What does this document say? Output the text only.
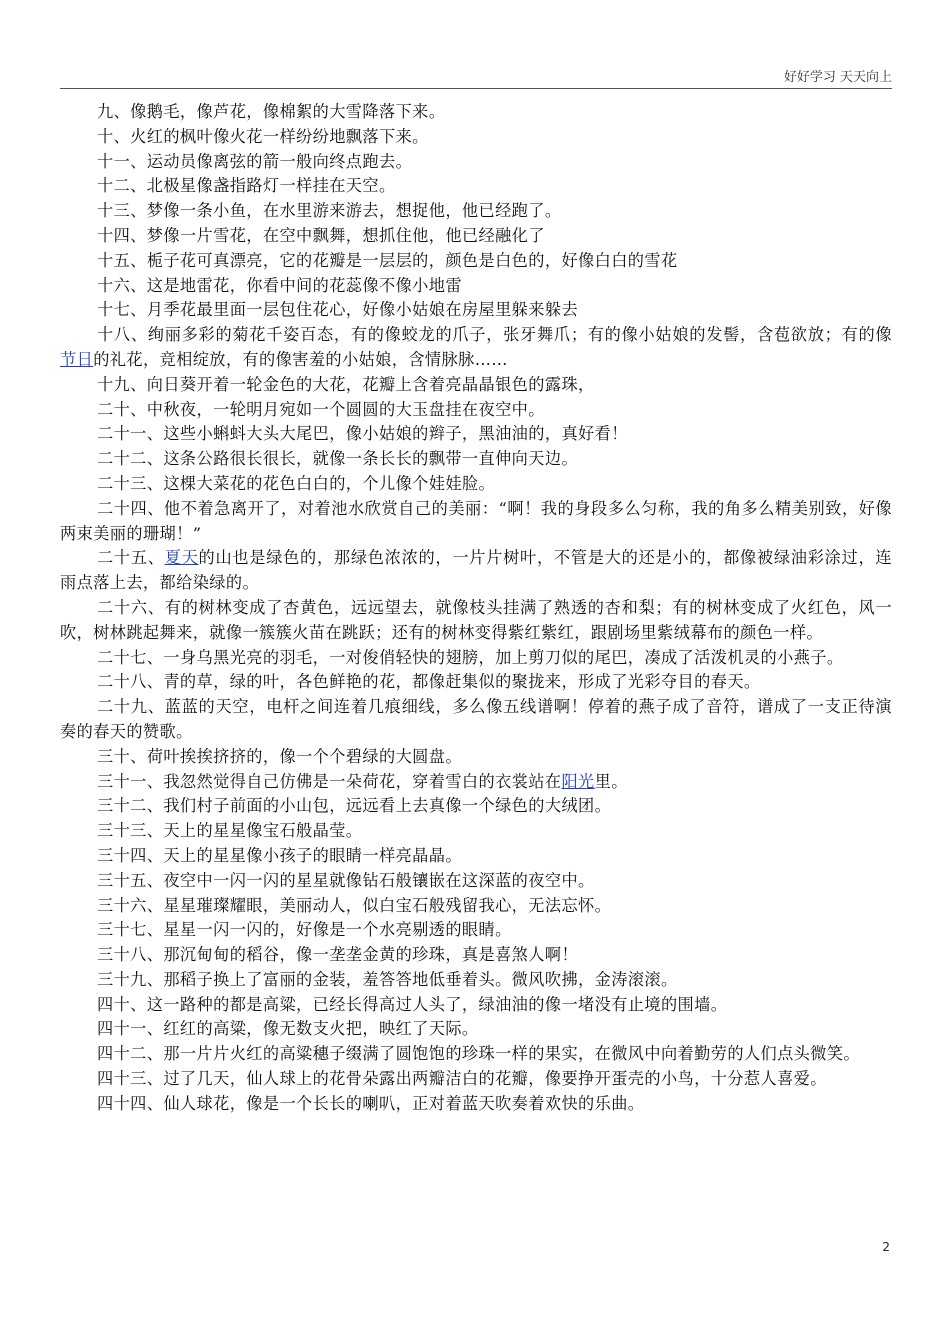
好好学习 天天向上

九、像鹅毛，像芦花，像棉絮的大雪降落下来。

十、火红的枫叶像火花一样纷纷地飘落下来。

十一、运动员像离弦的箭一般向终点跑去。

十二、北极星像盏指路灯一样挂在天空。

十三、梦像一条小鱼，在水里游来游去，想捉他，他已经跑了。

十四、梦像一片雪花，在空中飘舞，想抓住他，他已经融化了

十五、栀子花可真漂亮，它的花瓣是一层层的，颜色是白色的，好像白白的雪花

十六、这是地雷花，你看中间的花蕊像不像小地雷

十七、月季花最里面一层包住花心，好像小姑娘在房屋里躲来躲去

十八、绚丽多彩的菊花千姿百态，有的像蛟龙的爪子，张牙舞爪；有的像小姑娘的发髻，含苞欲放；有的像节日的礼花，竞相绽放，有的像害羞的小姑娘，含情脉脉……

十九、向日葵开着一轮金色的大花，花瓣上含着亮晶晶银色的露珠，

二十、中秋夜，一轮明月宛如一个圆圆的大玉盘挂在夜空中。

二十一、这些小蝌蚪大头大尾巴，像小姑娘的辫子，黑油油的，真好看！

二十二、这条公路很长很长，就像一条长长的飘带一直伸向天边。

二十三、这棵大菜花的花色白白的，个儿像个娃娃脸。

二十四、他不着急离开了，对着池水欣赏自己的美丽：“啊！我的身段多么匀称，我的角多么精美别致，好像两束美丽的珊瑚！”

二十五、夏天的山也是绿色的，那绿色浓浓的，一片片树叶，不管是大的还是小的，都像被绿油彩涂过，连雨点落上去，都给染绿的。

二十六、有的树林变成了杏黄色，远远望去，就像枝头挂满了熟透的杏和梨；有的树林变成了火红色，风一吹，树林跳起舞来，就像一簇簇火苗在跳跃；还有的树林变得紫红紫红，跟剧场里紫绒幕布的颜色一样。

二十七、一身乌黑光亮的羽毛，一对俊俏轻快的翅膀，加上剪刀似的尾巴，凑成了活泼机灵的小燕子。

二十八、青的草，绿的叶，各色鲜艳的花，都像赶集似的聚拢来，形成了光彩夺目的春天。

二十九、蓝蓝的天空，电杆之间连着几痕细线，多么像五线谱啊！停着的燕子成了音符，谱成了一支正待演奏的春天的赞歌。

三十、荷叶挨挨挤挤的，像一个个碧绿的大圆盘。

三十一、我忽然觉得自己仿佛是一朵荷花，穿着雪白的衣裳站在阳光里。

三十二、我们村子前面的小山包，远远看上去真像一个绿色的大绒团。

三十三、天上的星星像宝石般晶莹。

三十四、天上的星星像小孩子的眼睛一样亮晶晶。

三十五、夜空中一闪一闪的星星就像钻石般镶嵌在这深蓝的夜空中。

三十六、星星璀璨耀眼，美丽动人，似白宝石般残留我心，无法忘怀。

三十七、星星一闪一闪的，好像是一个水亮剔透的眼睛。

三十八、那沉甸甸的稻谷，像一垄垄金黄的珍珠，真是喜煞人啊！

三十九、那稻子换上了富丽的金装，羞答答地低垂着头。微风吹拂，金涛滚滚。

四十、这一路种的都是高粱，已经长得高过人头了，绿油油的像一堵没有止境的围墙。

四十一、红红的高粱，像无数支火把，映红了天际。

四十二、那一片片火红的高粱穗子缀满了圆饱饱的珍珠一样的果实，在微风中向着勤劳的人们点头微笑。

四十三、过了几天，仙人球上的花骨朵露出两瓣洁白的花瓣，像要挣开蛋壳的小鸟，十分惹人喜爱。

四十四、仙人球花，像是一个长长的喇叭，正对着蓝天吹奏着欢快的乐曲。

2
